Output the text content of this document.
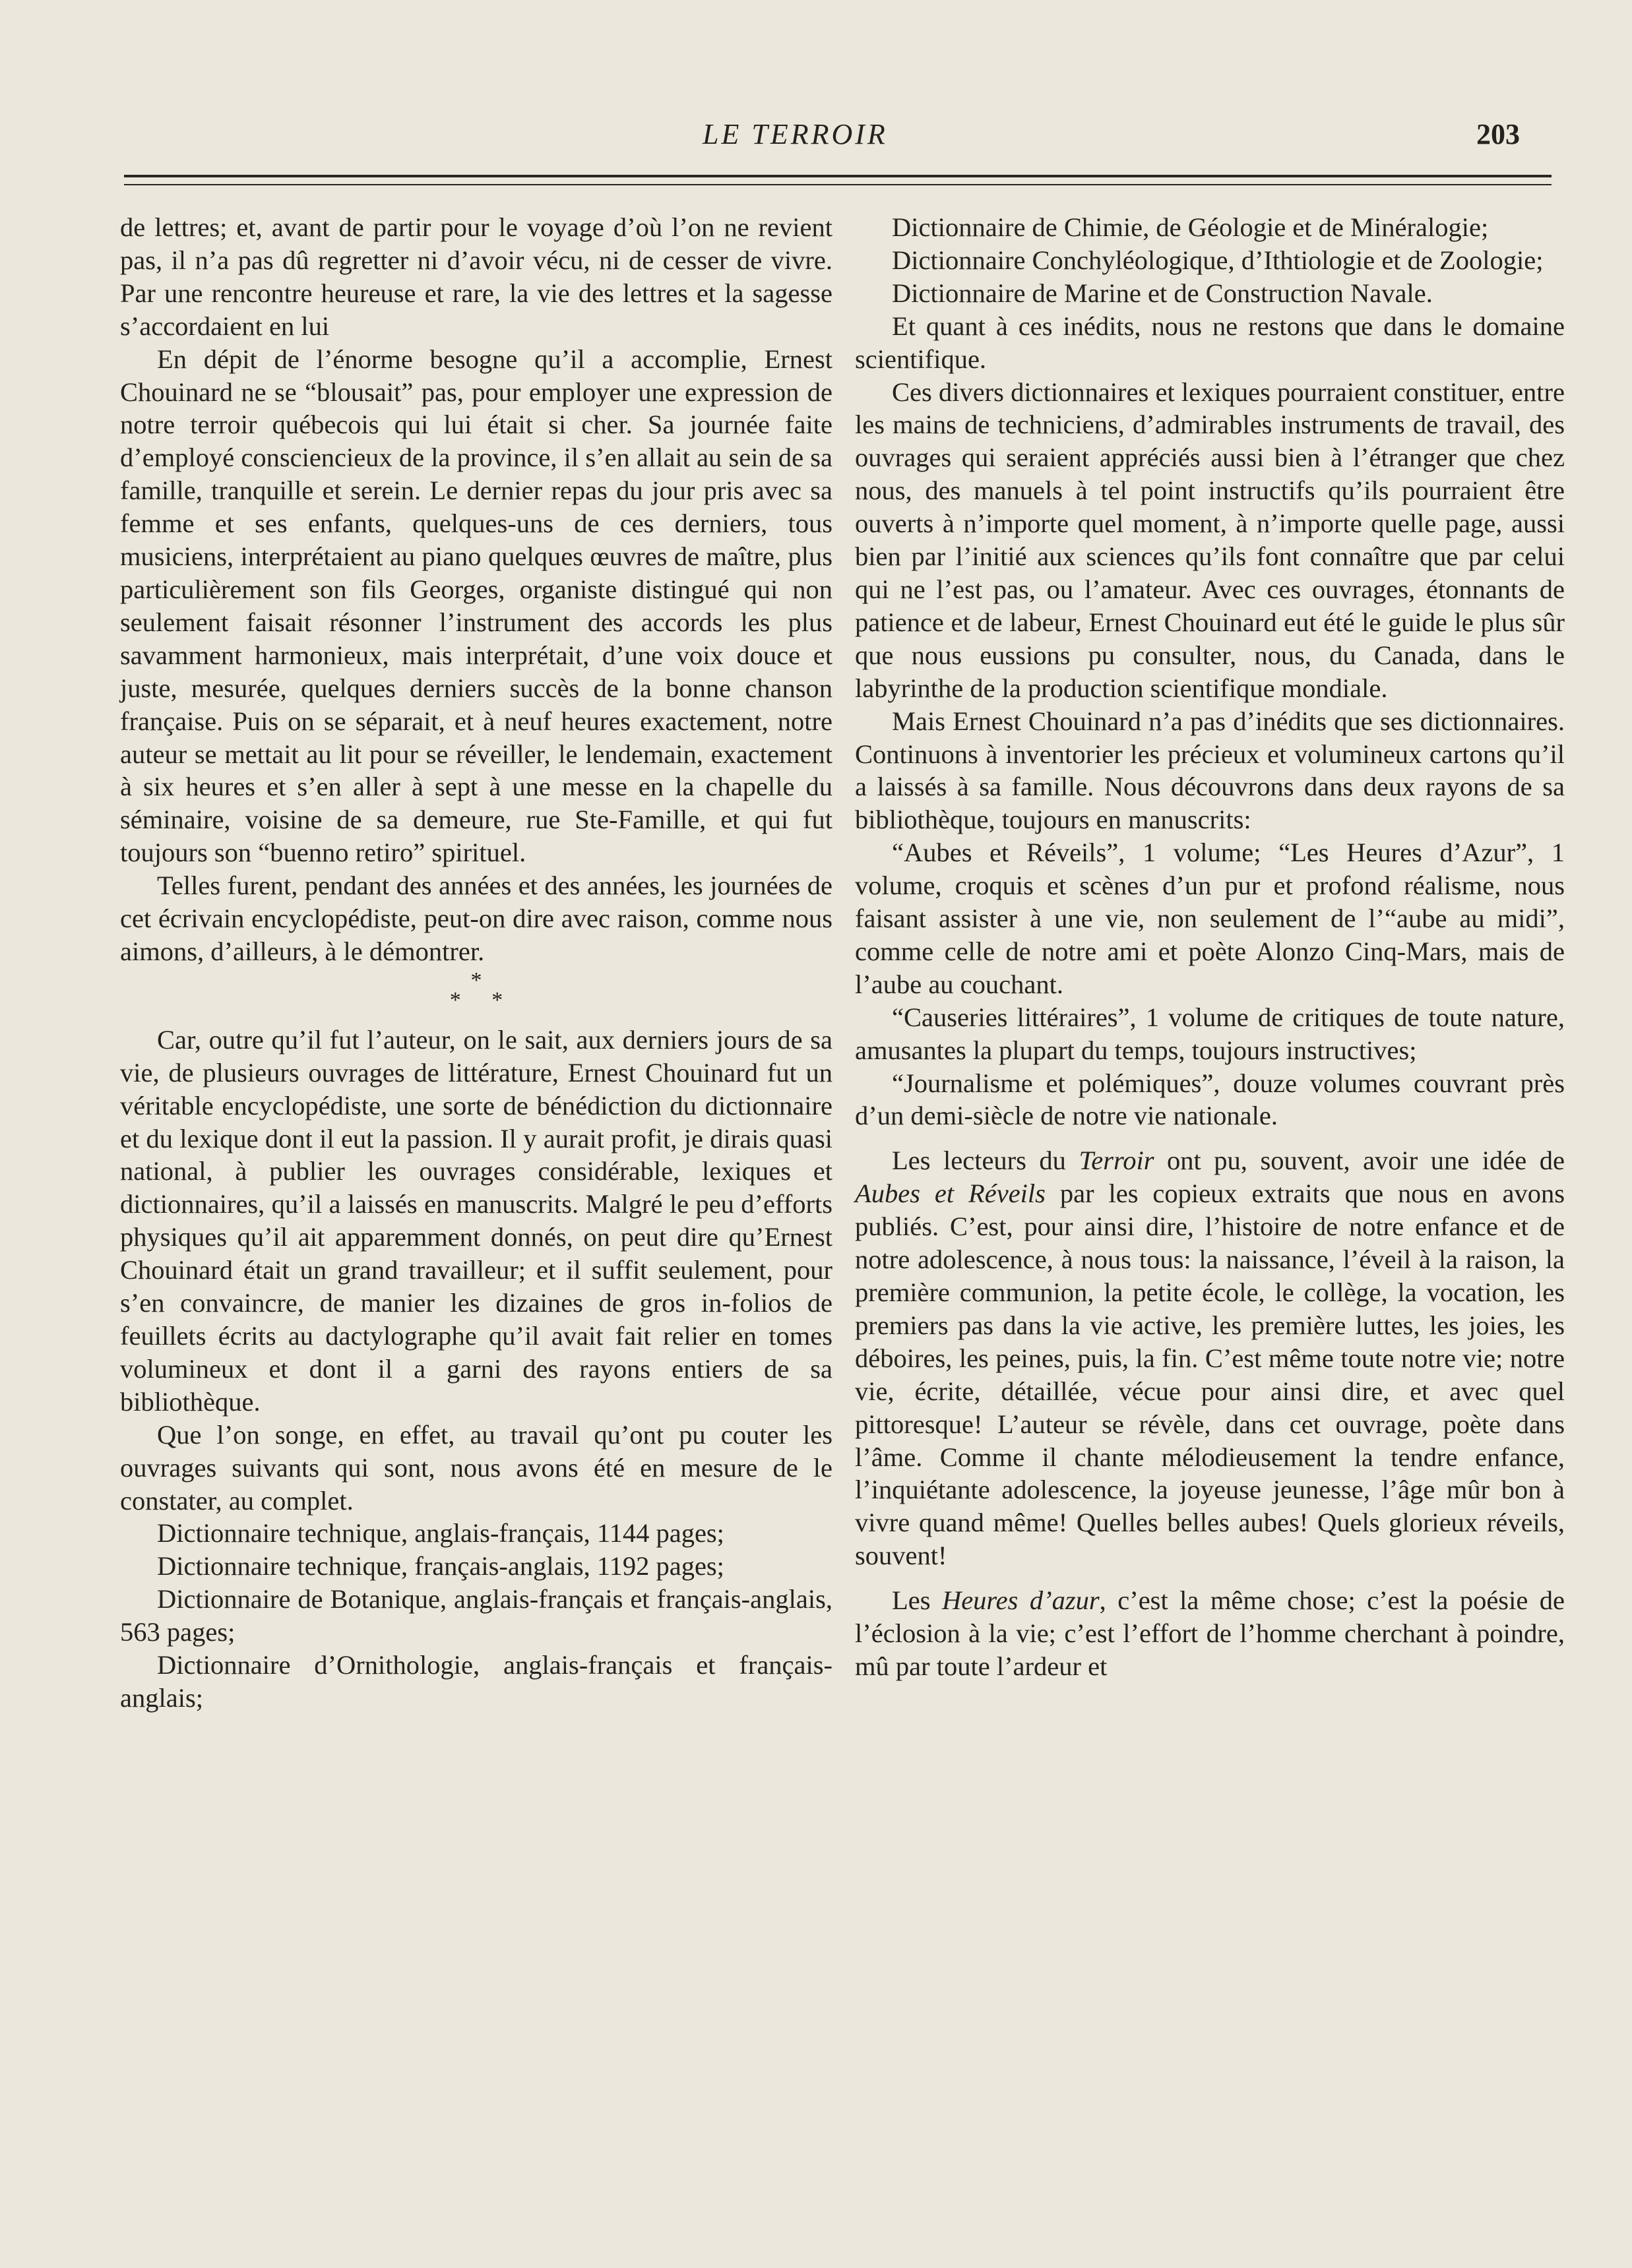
LE TERROIR	203

de lettres; et, avant de partir pour le voyage d’où l’on ne revient pas, il n’a pas dû regretter ni d’avoir vécu, ni de cesser de vivre. Par une rencontre heureuse et rare, la vie des lettres et la sagesse s’accordaient en lui

En dépit de l’énorme besogne qu’il a accomplie, Ernest Chouinard ne se “blousait” pas, pour employer une expression de notre terroir québecois qui lui était si cher. Sa journée faite d’employé consciencieux de la province, il s’en allait au sein de sa famille, tranquille et serein. Le dernier repas du jour pris avec sa femme et ses enfants, quelques-uns de ces derniers, tous musiciens, interprétaient au piano quelques œuvres de maître, plus particulièrement son fils Georges, organiste distingué qui non seulement faisait résonner l’instrument des accords les plus savamment harmonieux, mais interprétait, d’une voix douce et juste, mesurée, quelques derniers succès de la bonne chanson française. Puis on se séparait, et à neuf heures exactement, notre auteur se mettait au lit pour se réveiller, le lendemain, exactement à six heures et s’en aller à sept à une messe en la chapelle du séminaire, voisine de sa demeure, rue Ste-Famille, et qui fut toujours son “buenno retiro” spirituel.

Telles furent, pendant des années et des années, les journées de cet écrivain encyclopédiste, peut-on dire avec raison, comme nous aimons, d’ailleurs, à le démontrer.

*
* *

Car, outre qu’il fut l’auteur, on le sait, aux derniers jours de sa vie, de plusieurs ouvrages de littérature, Ernest Chouinard fut un véritable encyclopédiste, une sorte de bénédiction du dictionnaire et du lexique dont il eut la passion. Il y aurait profit, je dirais quasi national, à publier les ouvrages considérable, lexiques et dictionnaires, qu’il a laissés en manuscrits. Malgré le peu d’efforts physiques qu’il ait apparemment donnés, on peut dire qu’Ernest Chouinard était un grand travailleur; et il suffit seulement, pour s’en convaincre, de manier les dizaines de gros in-folios de feuillets écrits au dactylographe qu’il avait fait relier en tomes volumineux et dont il a garni des rayons entiers de sa bibliothèque.

Que l’on songe, en effet, au travail qu’ont pu couter les ouvrages suivants qui sont, nous avons été en mesure de le constater, au complet.

Dictionnaire technique, anglais-français, 1144 pages;

Dictionnaire technique, français-anglais, 1192 pages;

Dictionnaire de Botanique, anglais-français et français-anglais, 563 pages;

Dictionnaire d’Ornithologie, anglais-français et français-anglais;

Dictionnaire de Chimie, de Géologie et de Minéralogie;

Dictionnaire Conchyléologique, d’Ithtiologie et de Zoologie;

Dictionnaire de Marine et de Construction Navale.

Et quant à ces inédits, nous ne restons que dans le domaine scientifique.

Ces divers dictionnaires et lexiques pourraient constituer, entre les mains de techniciens, d’admirables instruments de travail, des ouvrages qui seraient appréciés aussi bien à l’étranger que chez nous, des manuels à tel point instructifs qu’ils pourraient être ouverts à n’importe quel moment, à n’importe quelle page, aussi bien par l’initié aux sciences qu’ils font connaître que par celui qui ne l’est pas, ou l’amateur. Avec ces ouvrages, étonnants de patience et de labeur, Ernest Chouinard eut été le guide le plus sûr que nous eussions pu consulter, nous, du Canada, dans le labyrinthe de la production scientifique mondiale.

Mais Ernest Chouinard n’a pas d’inédits que ses dictionnaires. Continuons à inventorier les précieux et volumineux cartons qu’il a laissés à sa famille. Nous découvrons dans deux rayons de sa bibliothèque, toujours en manuscrits:

“Aubes et Réveils”, 1 volume; “Les Heures d’Azur”, 1 volume, croquis et scènes d’un pur et profond réalisme, nous faisant assister à une vie, non seulement de l’“aube au midi”, comme celle de notre ami et poète Alonzo Cinq-Mars, mais de l’aube au couchant.

“Causeries littéraires”, 1 volume de critiques de toute nature, amusantes la plupart du temps, toujours instructives;

“Journalisme et polémiques”, douze volumes couvrant près d’un demi-siècle de notre vie nationale.

Les lecteurs du Terroir ont pu, souvent, avoir une idée de Aubes et Réveils par les copieux extraits que nous en avons publiés. C’est, pour ainsi dire, l’histoire de notre enfance et de notre adolescence, à nous tous: la naissance, l’éveil à la raison, la première communion, la petite école, le collège, la vocation, les premiers pas dans la vie active, les première luttes, les joies, les déboires, les peines, puis, la fin. C’est même toute notre vie; notre vie, écrite, détaillée, vécue pour ainsi dire, et avec quel pittoresque! L’auteur se révèle, dans cet ouvrage, poète dans l’âme. Comme il chante mélodieusement la tendre enfance, l’inquiétante adolescence, la joyeuse jeunesse, l’âge mûr bon à vivre quand même! Quelles belles aubes! Quels glorieux réveils, souvent!

Les Heures d’azur, c’est la même chose; c’est la poésie de l’éclosion à la vie; c’est l’effort de l’homme cherchant à poindre, mû par toute l’ardeur et
